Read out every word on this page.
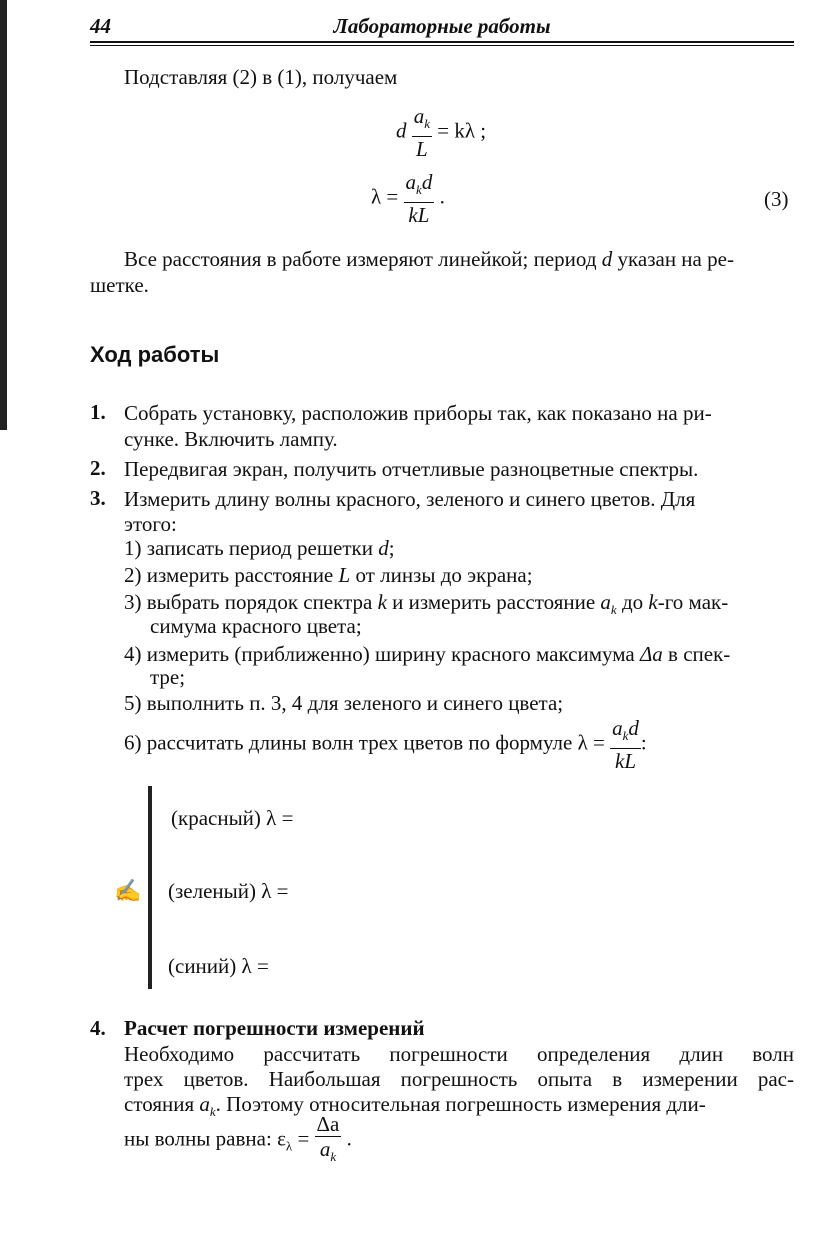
44	Лабораторные работы
Подставляя (2) в (1), получаем
d $\frac{a_k}{L} = k\lambda$ ;
$\lambda = \frac{a_kd}{kL}$ .	(3)
Все расстояния в работе измеряют линейкой; период d указан на ре-
шетке.
Ход работы
1. Собрать установку, расположив приборы так, как показано на ри-
сунке. Включить лампу.
2. Передвигая экран, получить отчетливые разноцветные спектры.
3. Измерить длину волны красного, зеленого и синего цветов. Для
этого:
1) записать период решетки d;
2) измерить расстояние L от линзы до экрана;
3) выбрать порядок спектра k и измерить расстояние $a_k$ до k-го мак-
симума красного цвета;
4) измерить (приближенно) ширину красного максимума Δa в спек-
тре;
5) выполнить п. 3, 4 для зеленого и синего цвета;
6) рассчитать длины волн трех цветов по формуле $\lambda = \frac{a_kd}{kL}$ :
✍
(красный) λ =
(зеленый) λ =
(синий) λ =
4. Расчет погрешности измерений
Необходимо рассчитать погрешности определения длин волн
трех цветов. Наибольшая погрешность опыта в измерении рас-
стояния $a_k$. Поэтому относительная погрешность измерения дли-
ны волны равна: $\varepsilon_\lambda = \frac{\Delta a}{a_k}$ .
